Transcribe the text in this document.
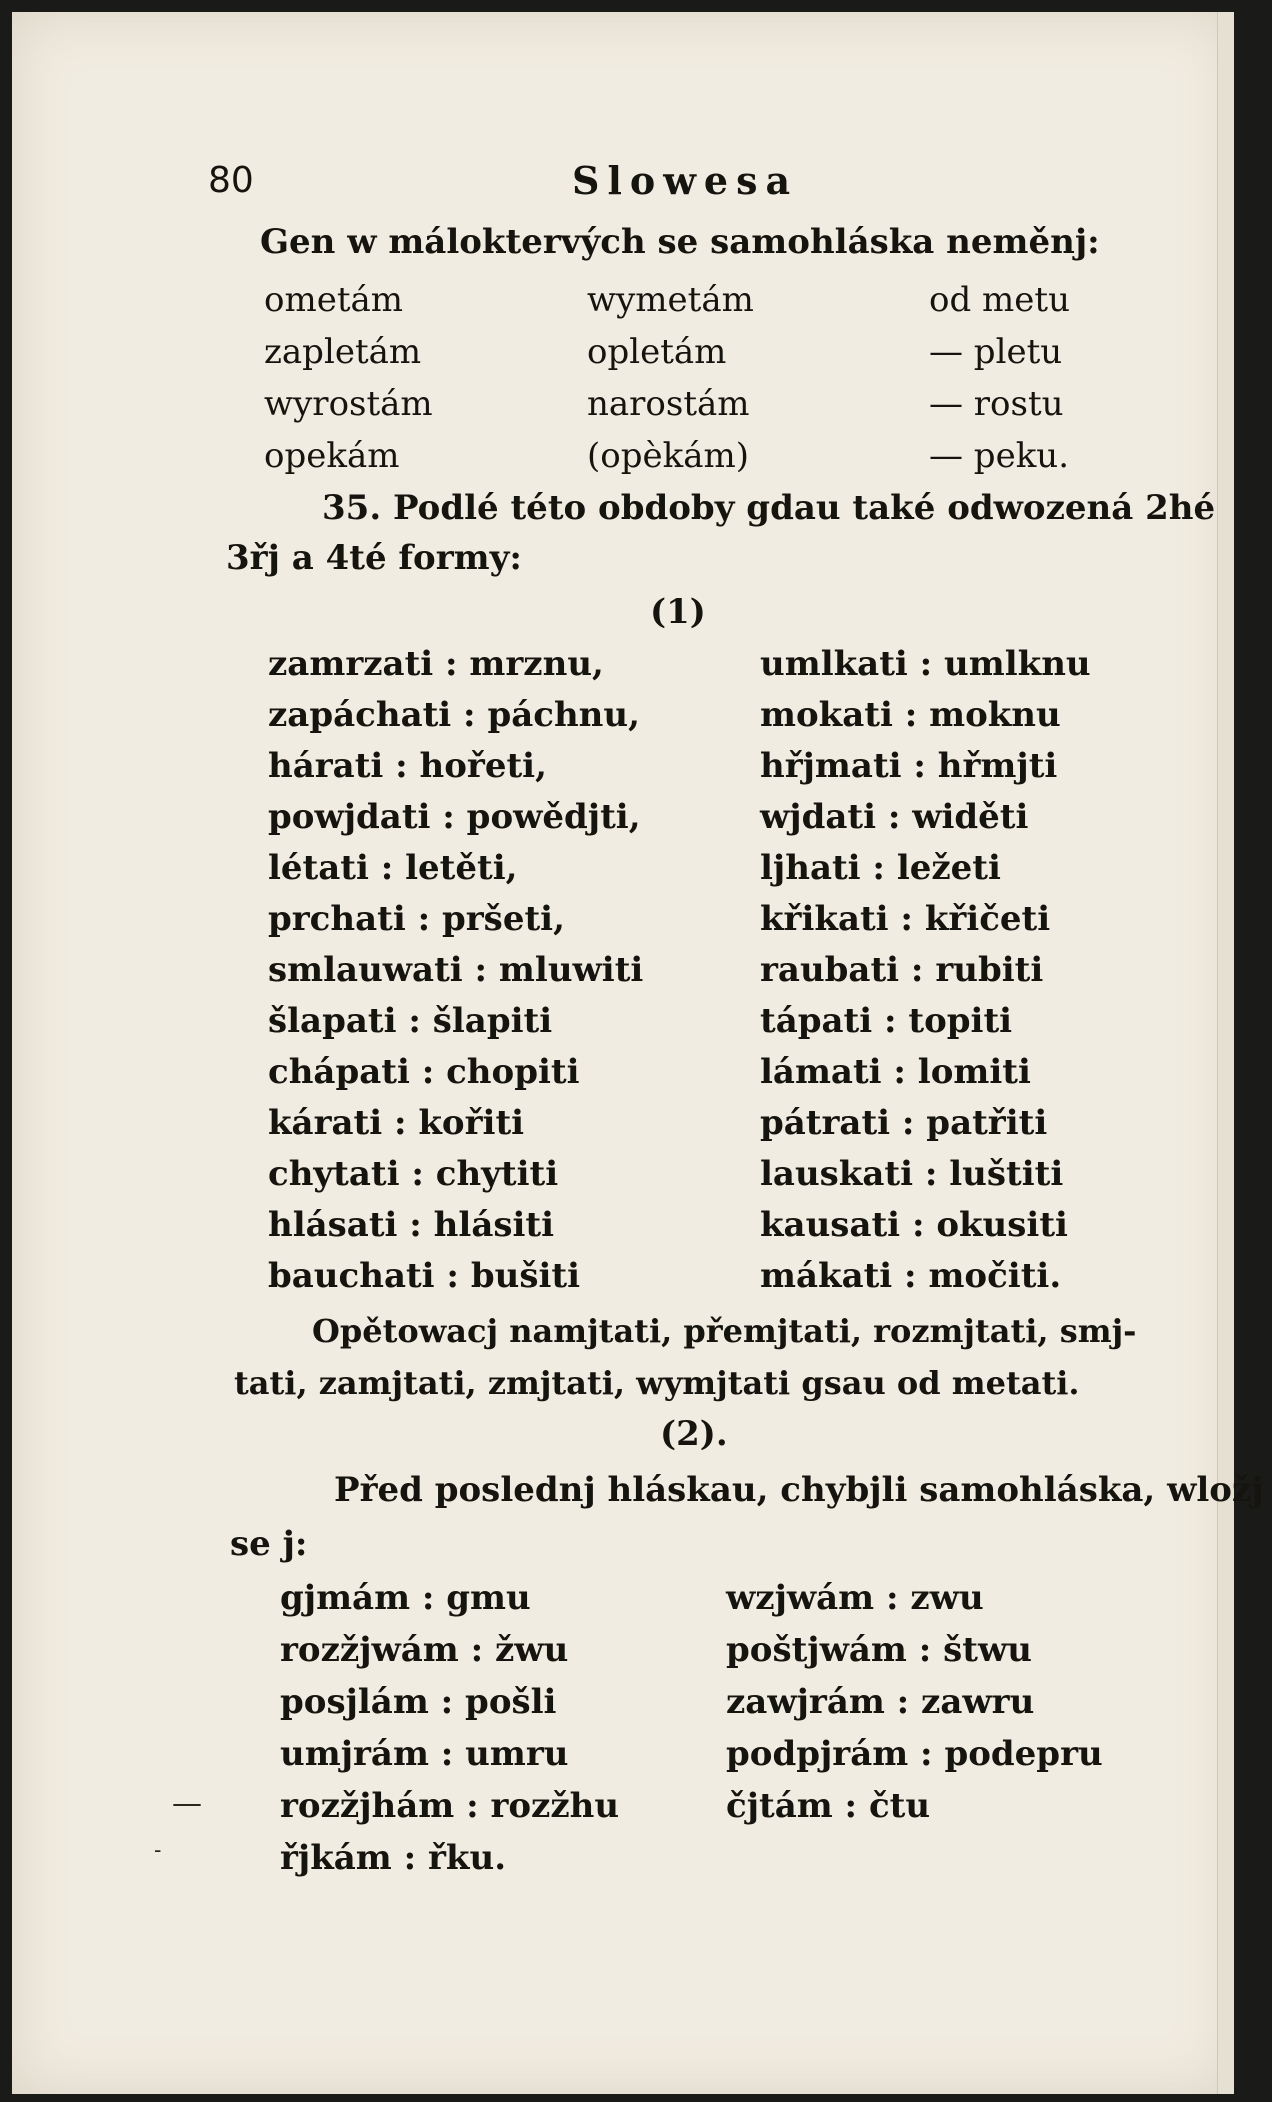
80	Slowesa
Gen w máloktervých se samohláska neměnj:
ometám	wymetám	od metu
zapletám	opletám	— pletu
wyrostám	narostám	— rostu
opekám	(opèkám)	— peku.
35. Podlé této obdoby gdau také odwozená 2hé
3řj a 4té formy:
(1)
zamrzati : mrznu,	umlkati : umlknu
zapáchati : páchnu,	mokati : moknu
hárati : hořeti,	hřjmati : hřmjti
powjdati : powědjti,	wjdati : widěti
létati : letěti,	ljhati : ležeti
prchati : pršeti,	křikati : křičeti
smlauwati : mluwiti	raubati : rubiti
šlapati : šlapiti	tápati : topiti
chápati : chopiti	lámati : lomiti
kárati : kořiti	pátrati : patřiti
chytati : chytiti	lauskati : luštiti
hlásati : hlásiti	kausati : okusiti
bauchati : bušiti	mákati : močiti.
Opětowacj namjtati, přemjtati, rozmjtati, smj-
tati, zamjtati, zmjtati, wymjtati gsau od metati.
(2).
Před poslednj hláskau, chybjli samohláska, wložj
se j:
gjmám : gmu	wzjwám : zwu
rozžjwám : žwu	poštjwám : štwu
posjlám : pošli	zawjrám : zawru
umjrám : umru	podpjrám : podepru
rozžjhám : rozžhu	čjtám : čtu
řjkám : řku.
—
-
